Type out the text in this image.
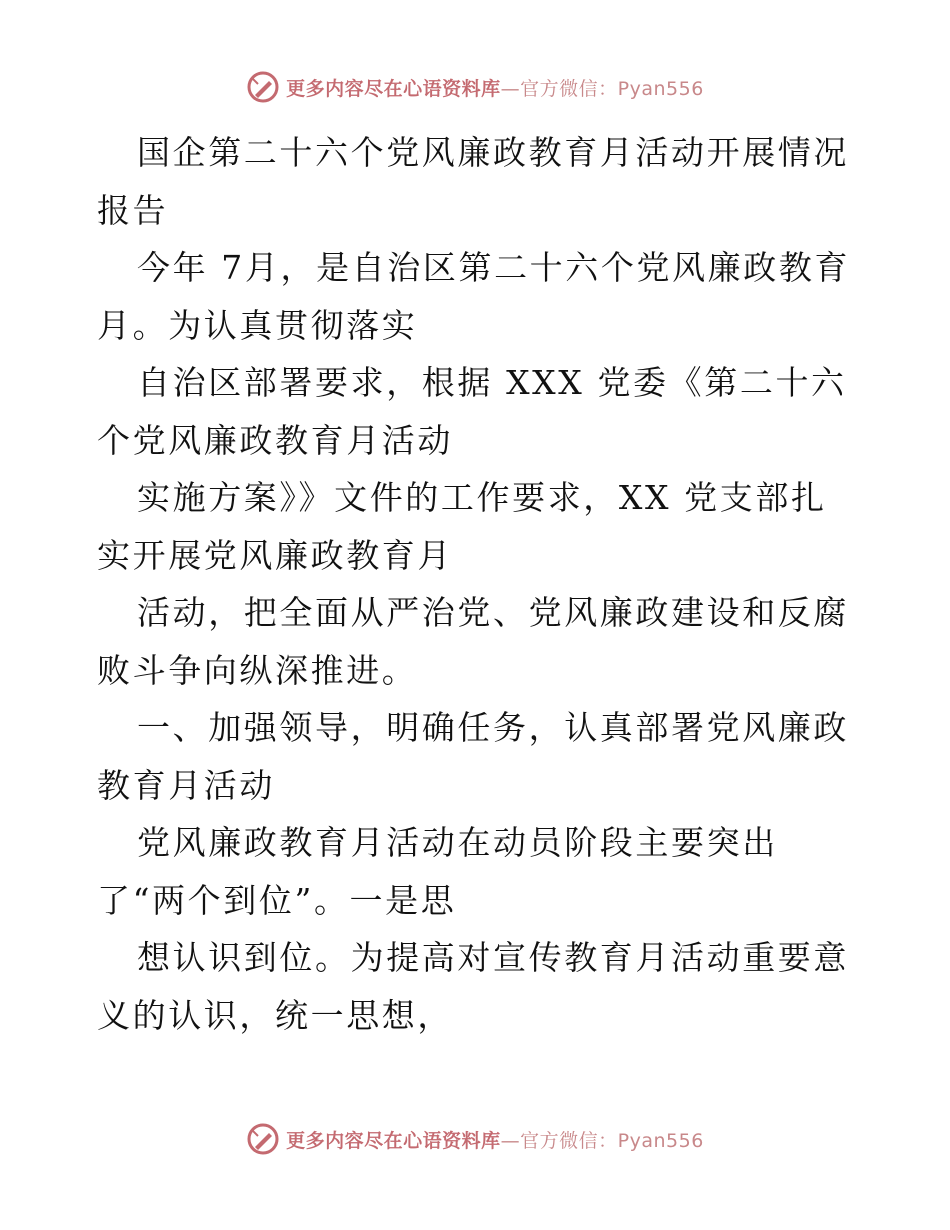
更多内容尽在心语资料库—官方微信：Pyan556

国企第二十六个党风廉政教育月活动开展情况报告

今年 7月，是自治区第二十六个党风廉政教育月。为认真贯彻落实

自治区部署要求，根据 XXX 党委《第二十六个党风廉政教育月活动

实施方案》》文件的工作要求，XX 党支部扎实开展党风廉政教育月

活动，把全面从严治党、党风廉政建设和反腐败斗争向纵深推进。

一、加强领导，明确任务，认真部署党风廉政教育月活动

党风廉政教育月活动在动员阶段主要突出了“两个到位”。一是思

想认识到位。为提高对宣传教育月活动重要意义的认识，统一思想，

更多内容尽在心语资料库—官方微信：Pyan556
